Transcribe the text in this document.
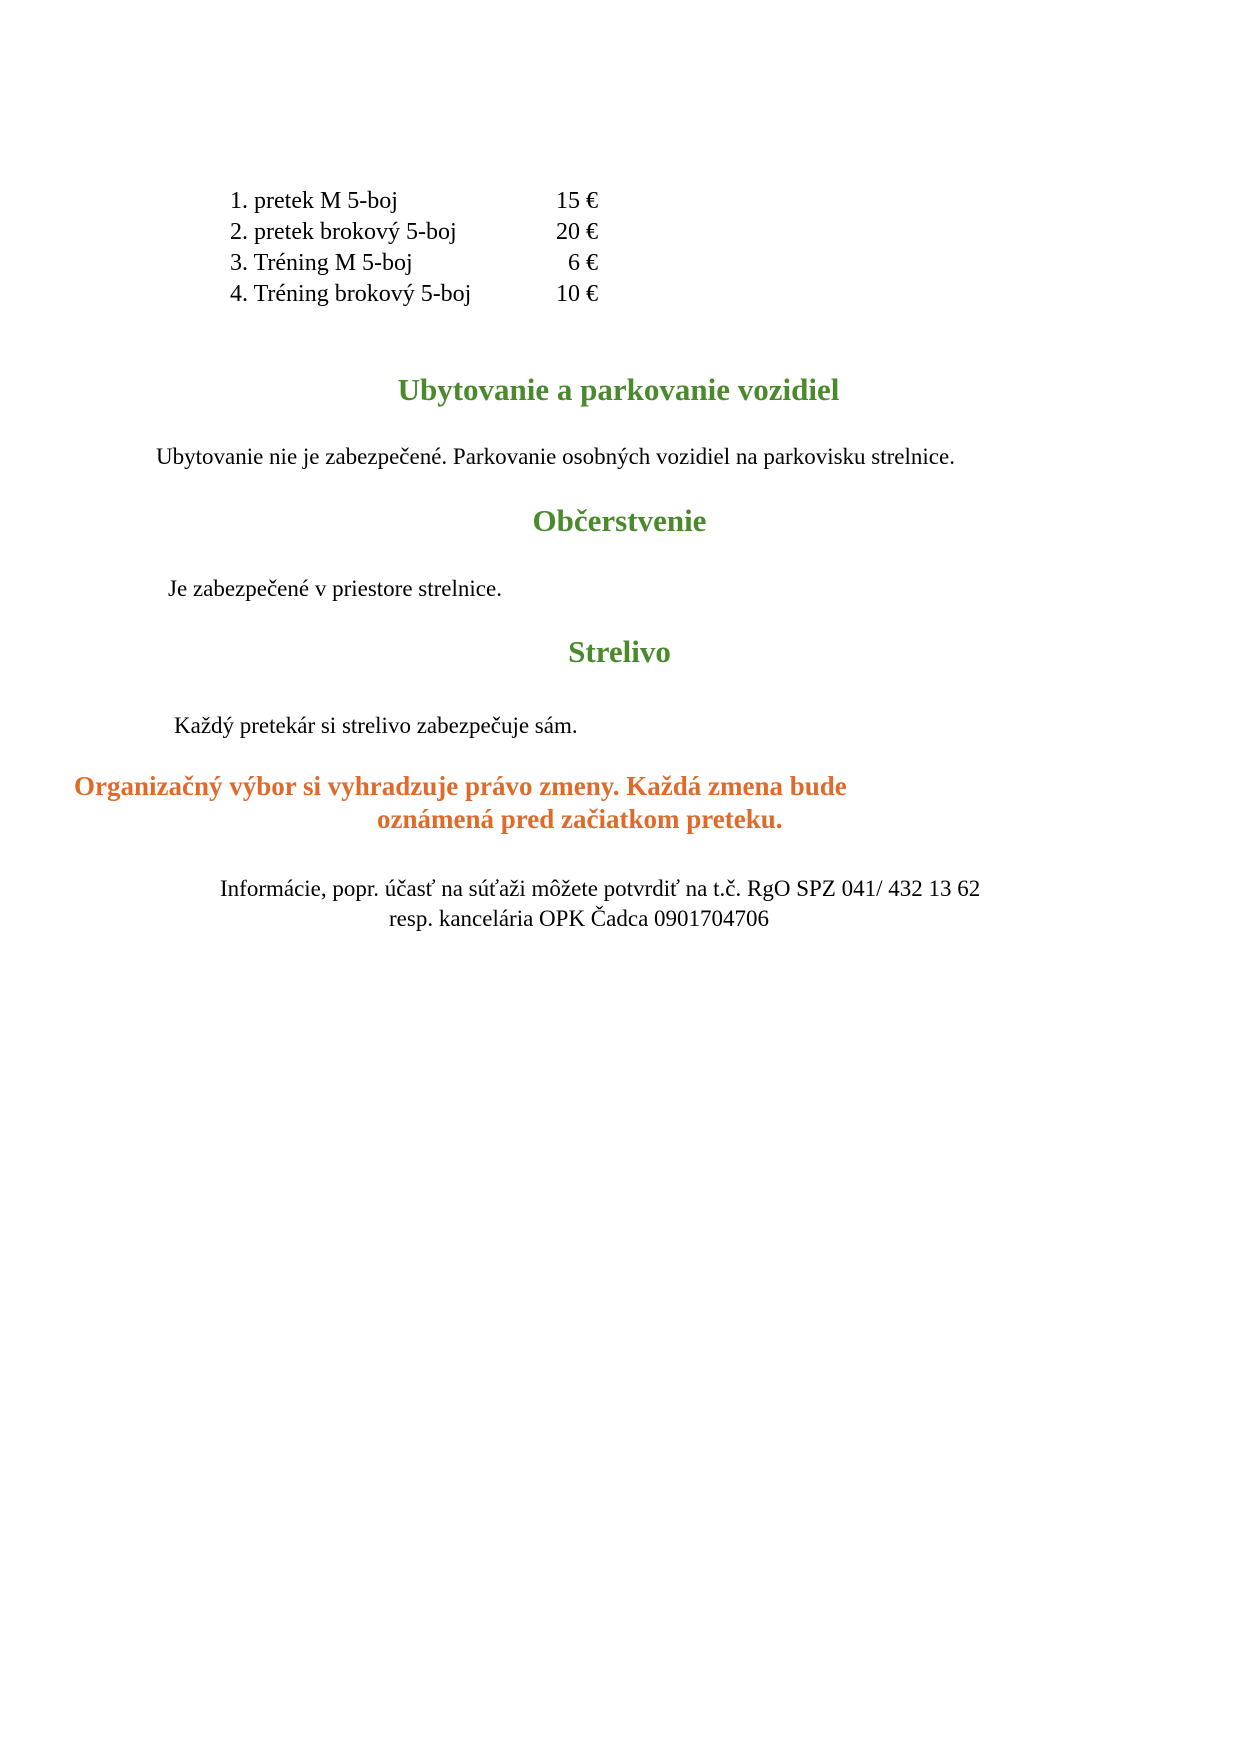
1. pretek M 5-boj	15 €
2. pretek brokový 5-boj	20 €
3. Tréning M 5-boj	6 €
4. Tréning brokový 5-boj	10 €
Ubytovanie a parkovanie vozidiel
Ubytovanie nie je zabezpečené. Parkovanie osobných vozidiel na parkovisku strelnice.
Občerstvenie
Je zabezpečené v priestore strelnice.
Strelivo
Každý pretekár si strelivo zabezpečuje sám.
Organizačný výbor si vyhradzuje právo zmeny. Každá zmena bude
oznámená pred začiatkom preteku.
Informácie, popr. účasť na súťaži môžete potvrdiť na t.č. RgO SPZ 041/ 432 13 62
resp. kancelária OPK Čadca 0901704706
